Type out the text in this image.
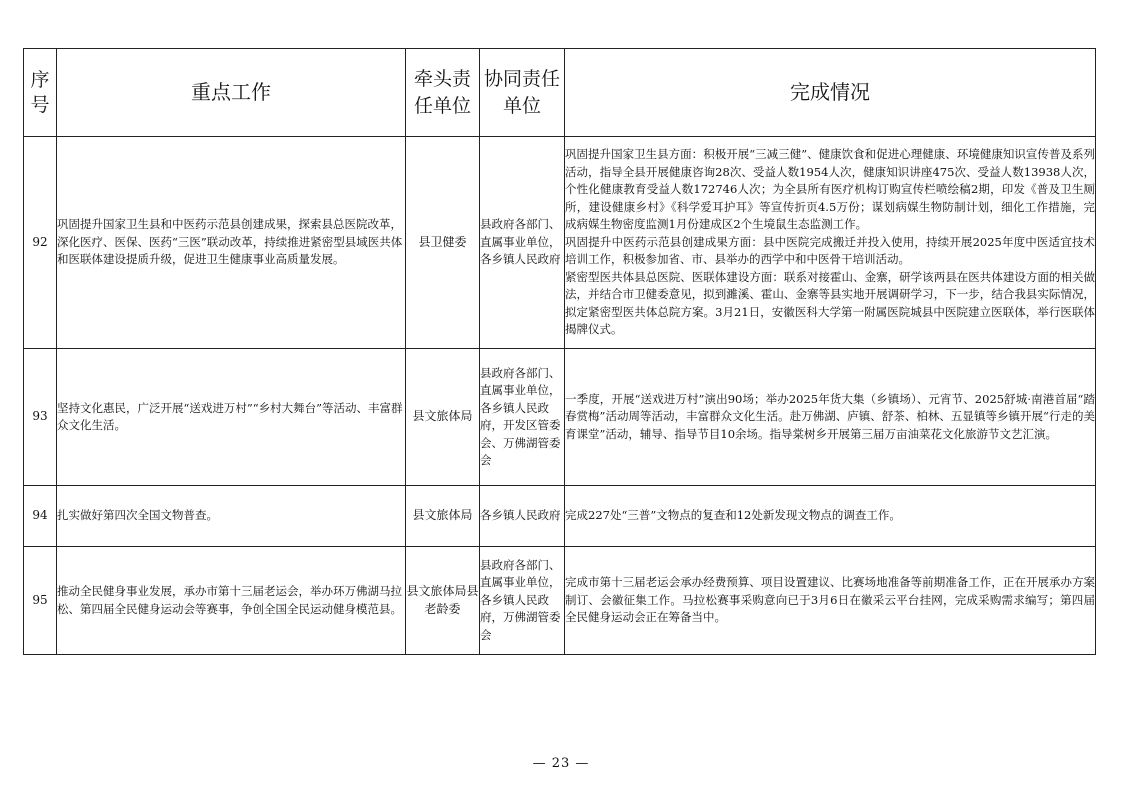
序号	重点工作	牵头责任单位	协同责任单位	完成情况
92	巩固提升国家卫生县和中医药示范县创建成果，探索县总医院改革，深化医疗、医保、医药“三医”联动改革，持续推进紧密型县域医共体和医联体建设提质升级，促进卫生健康事业高质量发展。	县卫健委	县政府各部门、直属事业单位，各乡镇人民政府	巩固提升国家卫生县方面：积极开展“三减三健”、健康饮食和促进心理健康、环境健康知识宣传普及系列活动，指导全县开展健康咨询28次、受益人数1954人次，健康知识讲座475次、受益人数13938人次，个性化健康教育受益人数172746人次；为全县所有医疗机构订购宣传栏喷绘稿2期，印发《普及卫生厕所，建设健康乡村》《科学爱耳护耳》等宣传折页4.5万份；谋划病媒生物防制计划，细化工作措施，完成病媒生物密度监测1月份建成区2个生境鼠生态监测工作。
巩固提升中医药示范县创建成果方面：县中医院完成搬迁并投入使用，持续开展2025年度中医适宜技术培训工作，积极参加省、市、县举办的西学中和中医骨干培训活动。
紧密型医共体县总医院、医联体建设方面：联系对接霍山、金寨，研学该两县在医共体建设方面的相关做法，并结合市卫健委意见，拟到濉溪、霍山、金寨等县实地开展调研学习，下一步，结合我县实际情况，拟定紧密型医共体总院方案。3月21日，安徽医科大学第一附属医院城县中医院建立医联体，举行医联体揭牌仪式。

93	坚持文化惠民，广泛开展“送戏进万村”“乡村大舞台”等活动、丰富群众文化生活。	县文旅体局	县政府各部门、直属事业单位，各乡镇人民政府，开发区管委会、万佛湖管委会	一季度，开展“送戏进万村”演出90场；举办2025年货大集（乡镇场）、元宵节、2025舒城·南港首届“踏春赏梅”活动周等活动，丰富群众文化生活。赴万佛湖、庐镇、舒茶、柏林、五显镇等乡镇开展“行走的美育课堂”活动，辅导、指导节目10余场。指导棠树乡开展第三届万亩油菜花文化旅游节文艺汇演。

94	扎实做好第四次全国文物普查。	县文旅体局	各乡镇人民政府	完成227处“三普”文物点的复查和12处新发现文物点的调查工作。

95	推动全民健身事业发展，承办市第十三届老运会，举办环万佛湖马拉松、第四届全民健身运动会等赛事，争创全国全民运动健身模范县。	县文旅体局县老龄委	县政府各部门、直属事业单位，各乡镇人民政府，万佛湖管委会	完成市第十三届老运会承办经费预算、项目设置建议、比赛场地准备等前期准备工作，正在开展承办方案制订、会徽征集工作。马拉松赛事采购意向已于3月6日在徽采云平台挂网，完成采购需求编写；第四届全民健身运动会正在筹备当中。
— 23 —
